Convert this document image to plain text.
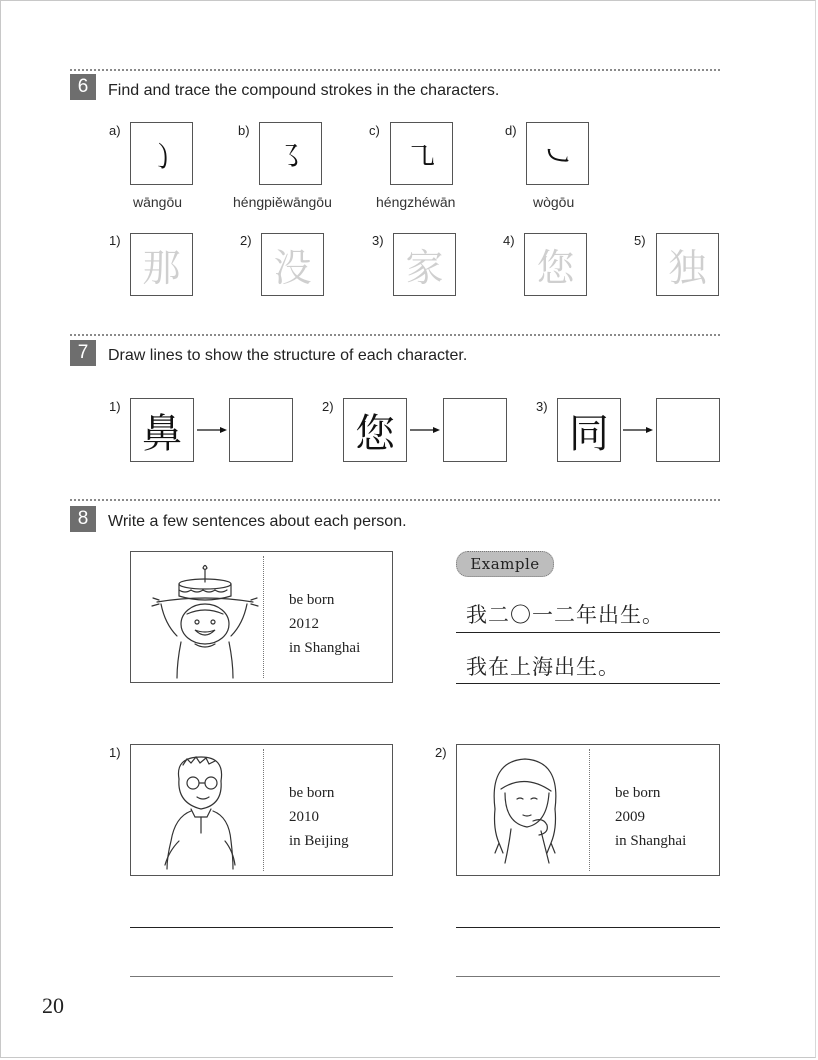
6	Find and trace the compound strokes in the characters.
a)
㇁
wāngōu
b)
㇌
héngpiěwāngōu
c)
㇈
héngzhéwān
d)
㇃
wògōu
1)
那
2)
没
3)
家
4)
您
5)
独
7	Draw lines to show the structure of each character.
1)
鼻
2)
您
3)
同
8	Write a few sentences about each person.
be born
2012
in Shanghai
Example
我二〇一二年出生。
我在上海出生。
1)
be born
2010
in Beijing
2)
be born
2009
in Shanghai
20
